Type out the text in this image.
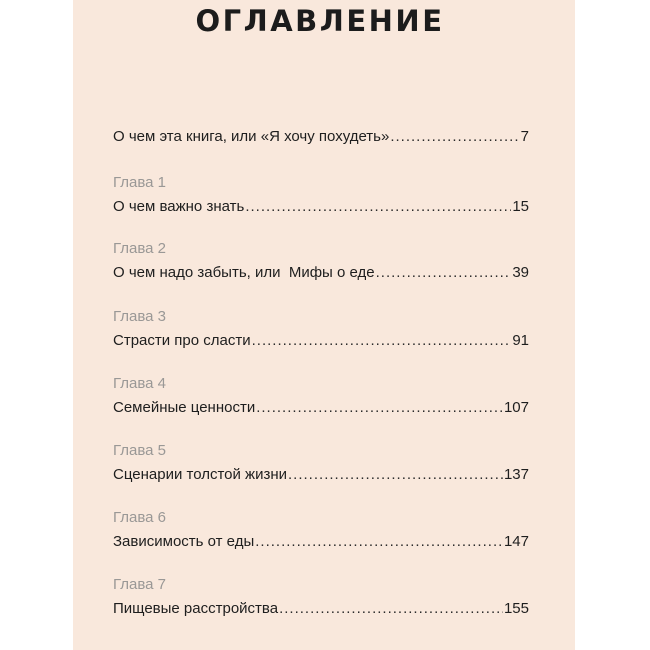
ОГЛАВЛЕНИЕ
О чем эта книга, или «Я хочу похудеть» .....	7
Глава 1
О чем важно знать .....	15
Глава 2
О чем надо забыть, или  Мифы о еде .....	39
Глава 3
Страсти про сласти .....	91
Глава 4
Семейные ценности .....	107
Глава 5
Сценарии толстой жизни .....	137
Глава 6
Зависимость от еды .....	147
Глава 7
Пищевые расстройства .....	155
